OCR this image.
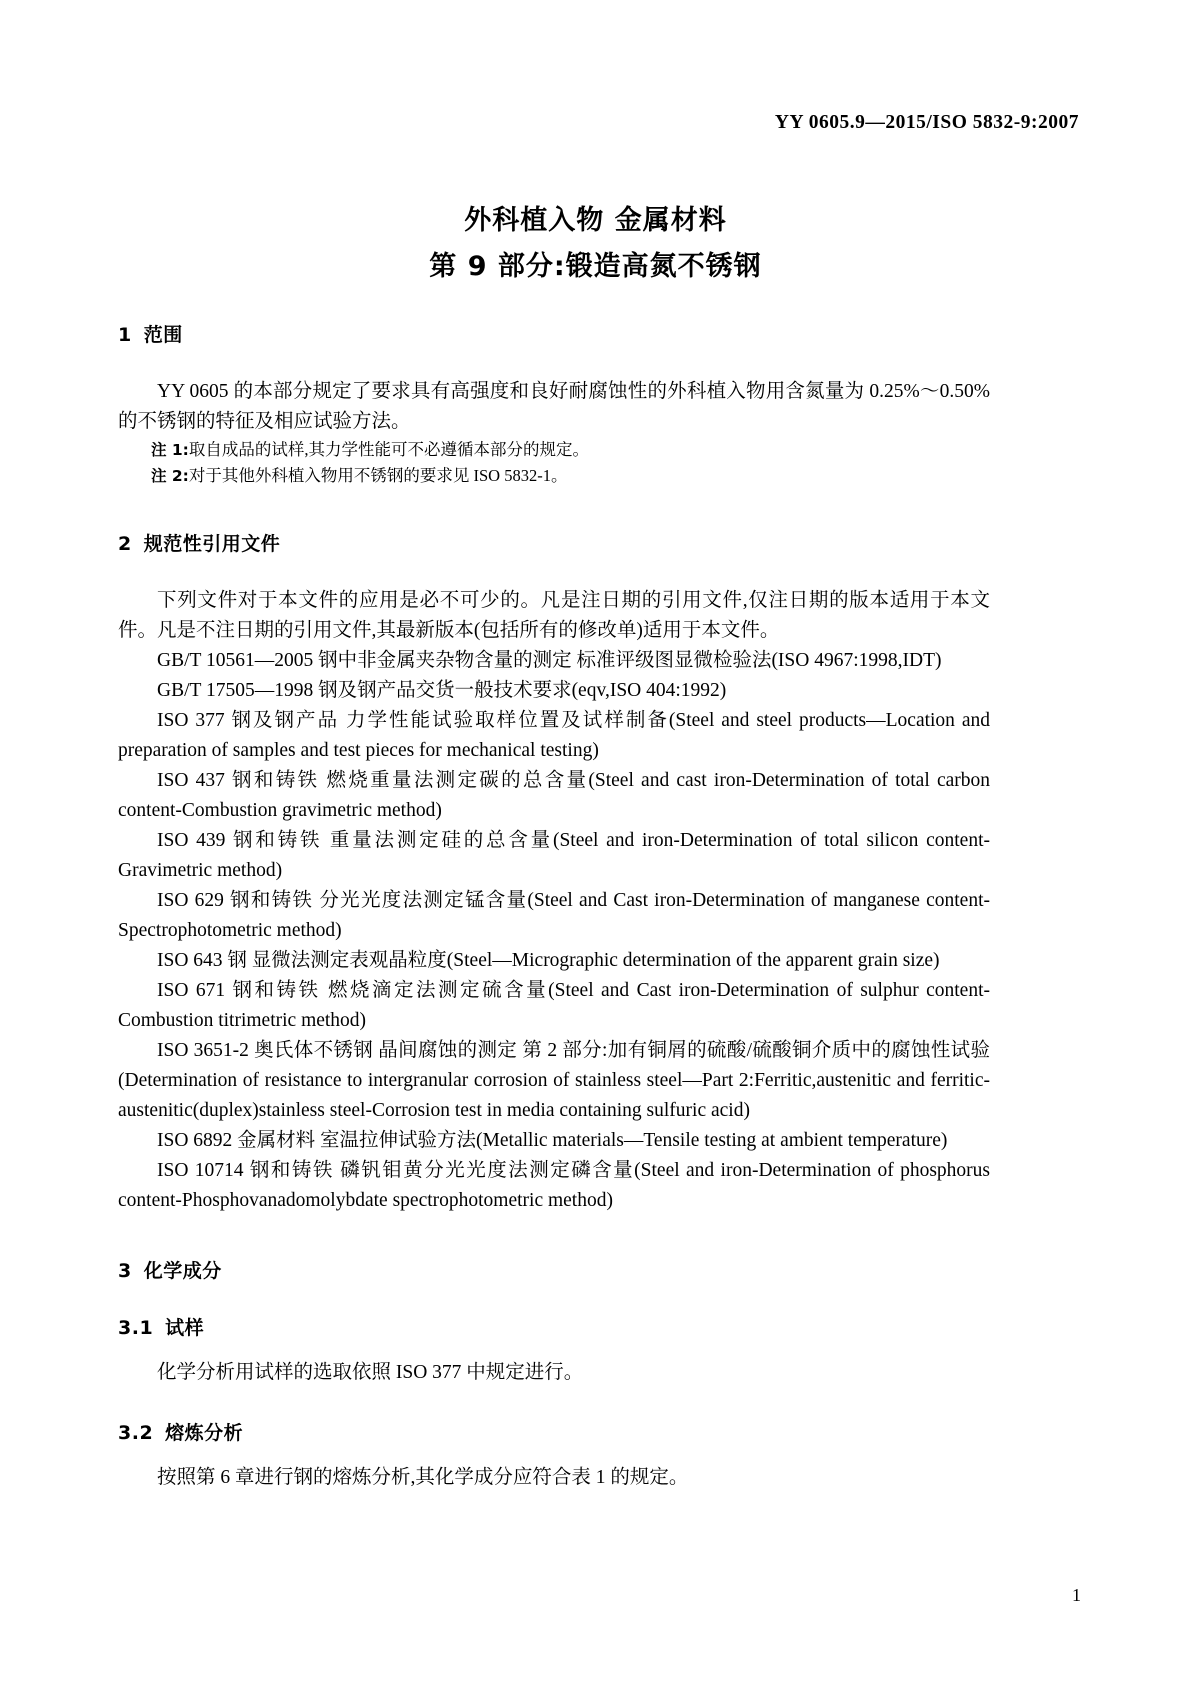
YY 0605.9—2015/ISO 5832-9:2007
外科植入物 金属材料
第 9 部分:锻造高氮不锈钢
1 范围

YY 0605 的本部分规定了要求具有高强度和良好耐腐蚀性的外科植入物用含氮量为 0.25%～0.50% 的不锈钢的特征及相应试验方法。

注 1:取自成品的试样,其力学性能可不必遵循本部分的规定。

注 2:对于其他外科植入物用不锈钢的要求见 ISO 5832-1。

2 规范性引用文件

下列文件对于本文件的应用是必不可少的。凡是注日期的引用文件,仅注日期的版本适用于本文件。凡是不注日期的引用文件,其最新版本(包括所有的修改单)适用于本文件。

GB/T 10561—2005 钢中非金属夹杂物含量的测定 标准评级图显微检验法(ISO 4967:1998,IDT)

GB/T 17505—1998 钢及钢产品交货一般技术要求(eqv,ISO 404:1992)

ISO 377 钢及钢产品 力学性能试验取样位置及试样制备(Steel and steel products—Location and preparation of samples and test pieces for mechanical testing)

ISO 437 钢和铸铁 燃烧重量法测定碳的总含量(Steel and cast iron-Determination of total carbon content-Combustion gravimetric method)

ISO 439 钢和铸铁 重量法测定硅的总含量(Steel and iron-Determination of total silicon content-Gravimetric method)

ISO 629 钢和铸铁 分光光度法测定锰含量(Steel and Cast iron-Determination of manganese content-Spectrophotometric method)

ISO 643 钢 显微法测定表观晶粒度(Steel—Micrographic determination of the apparent grain size)

ISO 671 钢和铸铁 燃烧滴定法测定硫含量(Steel and Cast iron-Determination of sulphur content-Combustion titrimetric method)

ISO 3651-2 奥氏体不锈钢 晶间腐蚀的测定 第 2 部分:加有铜屑的硫酸/硫酸铜介质中的腐蚀性试验 (Determination of resistance to intergranular corrosion of stainless steel—Part 2:Ferritic,austenitic and ferritic-austenitic(duplex)stainless steel-Corrosion test in media containing sulfuric acid)

ISO 6892 金属材料 室温拉伸试验方法(Metallic materials—Tensile testing at ambient temperature)

ISO 10714 钢和铸铁 磷钒钼黄分光光度法测定磷含量(Steel and iron-Determination of phosphorus content-Phosphovanadomolybdate spectrophotometric method)

3 化学成分
3.1 试样

化学分析用试样的选取依照 ISO 377 中规定进行。

3.2 熔炼分析

按照第 6 章进行钢的熔炼分析,其化学成分应符合表 1 的规定。

1
